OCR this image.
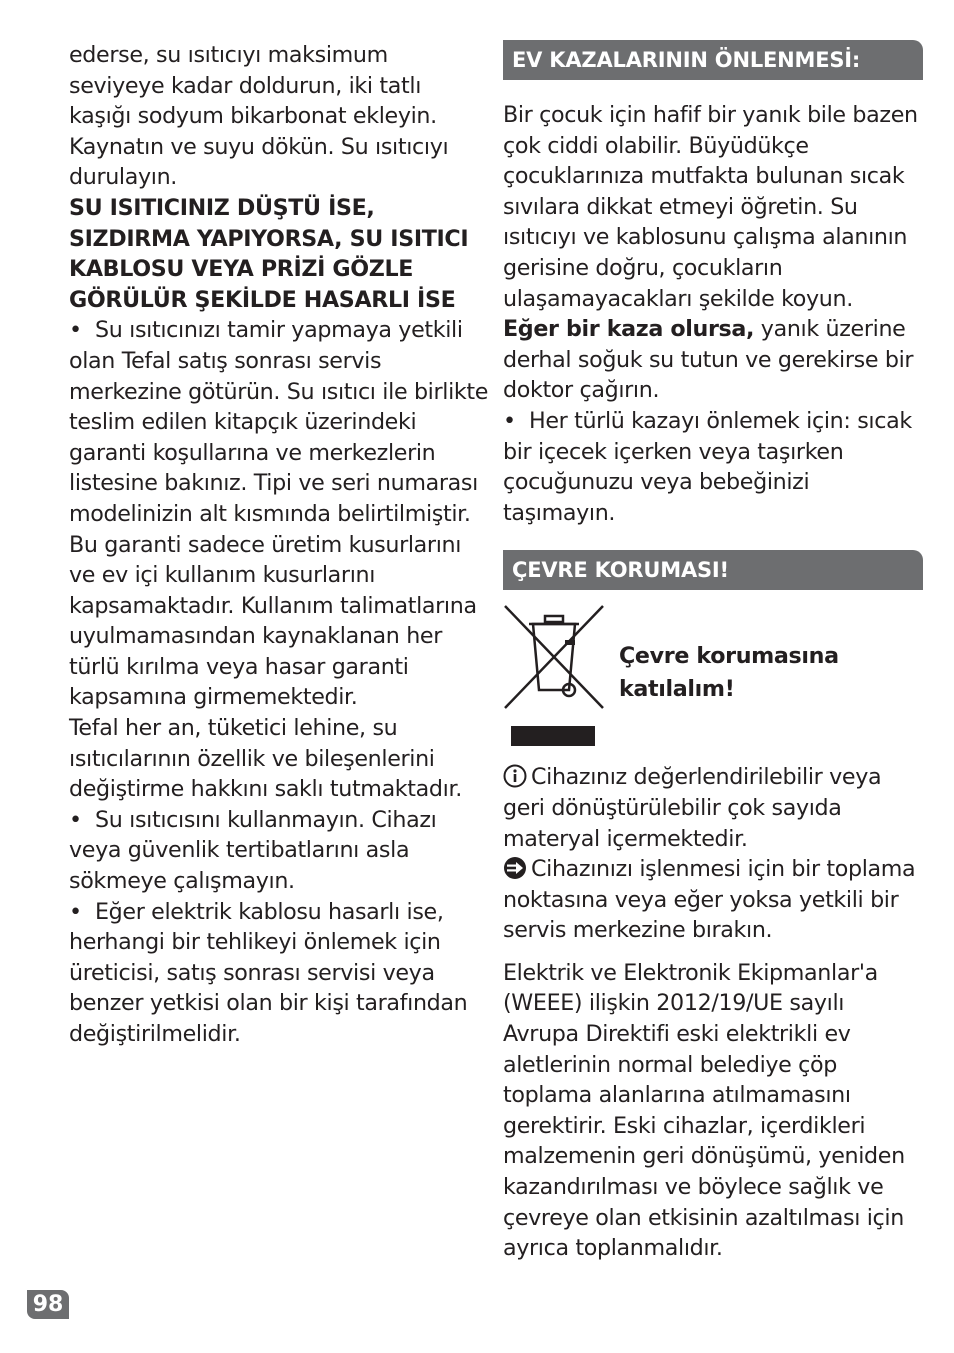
ederse, su ısıtıcıyı maksimum seviyeye kadar doldurun, iki tatlı kaşığı sodyum bikarbonat ekleyin. Kaynatın ve suyu dökün. Su ısıtıcıyı durulayın.

SU ISITICINIZ DÜŞTÜ İSE, SIZDIRMA YAPIYORSA, SU ISITICI KABLOSU VEYA PRİZİ GÖZLE GÖRÜLÜR ŞEKİLDE HASARLI İSE

• Su ısıtıcınızı tamir yapmaya yetkili olan Tefal satış sonrası servis merkezine götürün. Su ısıtıcı ile birlikte teslim edilen kitapçık üzerindeki garanti koşullarına ve merkezlerin listesine bakınız. Tipi ve seri numarası modelinizin alt kısmında belirtilmiştir. Bu garanti sadece üretim kusurlarını ve ev içi kullanım kusurlarını kapsamaktadır. Kullanım talimatlarına uyulmamasından kaynaklanan her türlü kırılma veya hasar garanti kapsamına girmemektedir.

Tefal her an, tüketici lehine, su ısıtıcılarının özellik ve bileşenlerini değiştirme hakkını saklı tutmaktadır.

• Su ısıtıcısını kullanmayın. Cihazı veya güvenlik tertibatlarını asla sökmeye çalışmayın.

• Eğer elektrik kablosu hasarlı ise, herhangi bir tehlikeyi önlemek için üreticisi, satış sonrası servisi veya benzer yetkisi olan bir kişi tarafından değiştirilmelidir.

EV KAZALARININ ÖNLENMESİ:

Bir çocuk için hafif bir yanık bile bazen çok ciddi olabilir. Büyüdükçe çocuklarınıza mutfakta bulunan sıcak sıvılara dikkat etmeyi öğretin. Su ısıtıcıyı ve kablosunu çalışma alanının gerisine doğru, çocukların ulaşamayacakları şekilde koyun.

Eğer bir kaza olursa, yanık üzerine derhal soğuk su tutun ve gerekirse bir doktor çağırın.

• Her türlü kazayı önlemek için: sıcak bir içecek içerken veya taşırken çocuğunuzu veya bebeğinizi taşımayın.

ÇEVRE KORUMASI!
Çevre korumasına katılalım!

Cihazınız değerlendirilebilir veya geri dönüştürülebilir çok sayıda materyal içermektedir.

Cihazınızı işlenmesi için bir toplama noktasına veya eğer yoksa yetkili bir servis merkezine bırakın.

Elektrik ve Elektronik Ekipmanlar'a (WEEE) ilişkin 2012/19/UE sayılı Avrupa Direktifi eski elektrikli ev aletlerinin normal belediye çöp toplama alanlarına atılmamasını gerektirir. Eski cihazlar, içerdikleri malzemenin geri dönüşümü, yeniden kazandırılması ve böylece sağlık ve çevreye olan etkisinin azaltılması için ayrıca toplanmalıdır.

98
